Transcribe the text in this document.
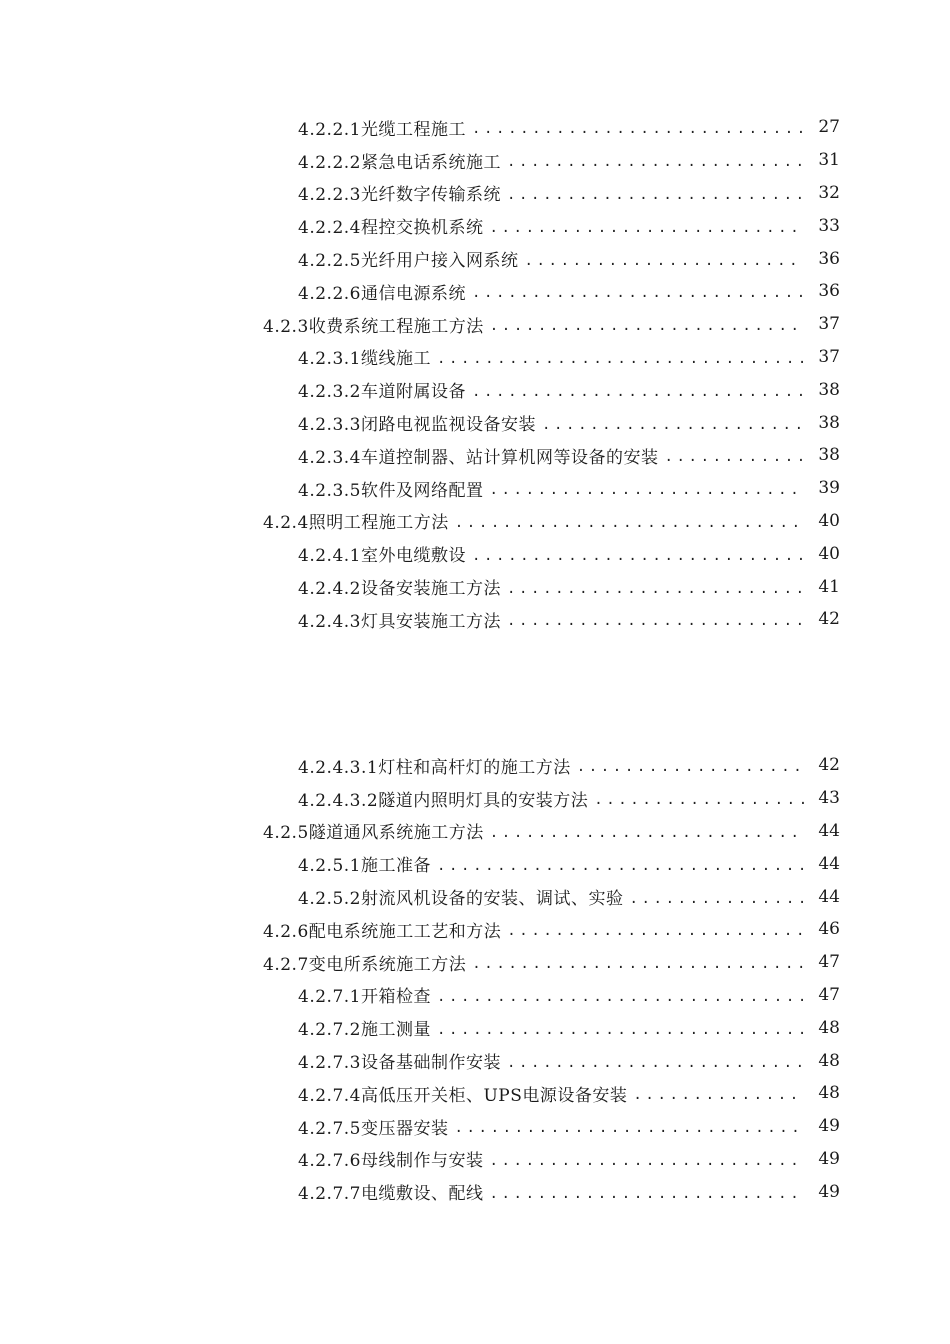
4.2.2.1光缆工程施工 .....	27
4.2.2.2紧急电话系统施工 .....	31
4.2.2.3光纤数字传输系统 .....	32
4.2.2.4程控交换机系统 .....	33
4.2.2.5光纤用户接入网系统 .....	36
4.2.2.6通信电源系统 .....	36
4.2.3收费系统工程施工方法 .....	37
4.2.3.1缆线施工 .....	37
4.2.3.2车道附属设备 .....	38
4.2.3.3闭路电视监视设备安装 .....	38
4.2.3.4车道控制器、站计算机网等设备的安装 .....	38
4.2.3.5软件及网络配置 .....	39
4.2.4照明工程施工方法 .....	40
4.2.4.1室外电缆敷设 .....	40
4.2.4.2设备安装施工方法 .....	41
4.2.4.3灯具安装施工方法 .....	42
4.2.4.3.1灯柱和高杆灯的施工方法 .....	42
4.2.4.3.2隧道内照明灯具的安装方法 .....	43
4.2.5隧道通风系统施工方法 .....	44
4.2.5.1施工准备 .....	44
4.2.5.2射流风机设备的安装、调试、实验 .....	44
4.2.6配电系统施工工艺和方法 .....	46
4.2.7变电所系统施工方法 .....	47
4.2.7.1开箱检查 .....	47
4.2.7.2施工测量 .....	48
4.2.7.3设备基础制作安装 .....	48
4.2.7.4高低压开关柜、UPS电源设备安装 .....	48
4.2.7.5变压器安装 .....	49
4.2.7.6母线制作与安装 .....	49
4.2.7.7电缆敷设、配线 .....	49
